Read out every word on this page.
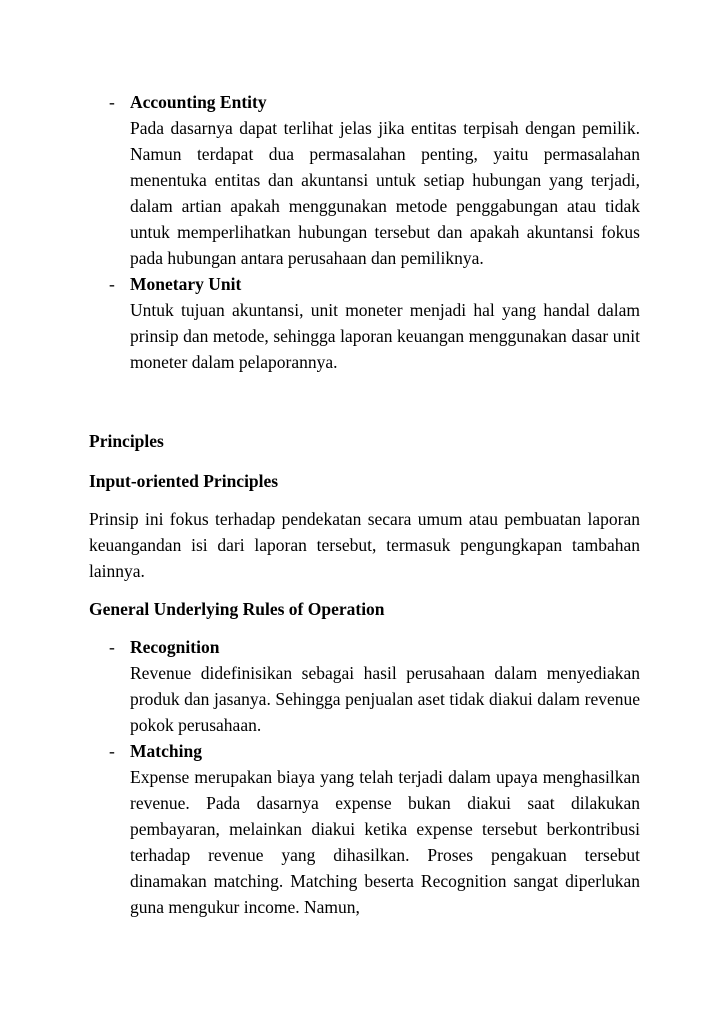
- Accounting Entity

Pada dasarnya dapat terlihat jelas jika entitas terpisah dengan pemilik. Namun terdapat dua permasalahan penting, yaitu permasalahan menentuka entitas dan akuntansi untuk setiap hubungan yang terjadi, dalam artian apakah menggunakan metode penggabungan atau tidak untuk memperlihatkan hubungan tersebut dan apakah akuntansi fokus pada hubungan antara perusahaan dan pemiliknya.

- Monetary Unit

Untuk tujuan akuntansi, unit moneter menjadi hal yang handal dalam prinsip dan metode, sehingga laporan keuangan menggunakan dasar unit moneter dalam pelaporannya.

Principles

Input-oriented Principles

Prinsip ini fokus terhadap pendekatan secara umum atau pembuatan laporan keuangandan isi dari laporan tersebut, termasuk pengungkapan tambahan lainnya.

General Underlying Rules of Operation

- Recognition

Revenue didefinisikan sebagai hasil perusahaan dalam menyediakan produk dan jasanya. Sehingga penjualan aset tidak diakui dalam revenue pokok perusahaan.

- Matching

Expense merupakan biaya yang telah terjadi dalam upaya menghasilkan revenue. Pada dasarnya expense bukan diakui saat dilakukan pembayaran, melainkan diakui ketika expense tersebut berkontribusi terhadap revenue yang dihasilkan. Proses pengakuan tersebut dinamakan matching. Matching beserta Recognition sangat diperlukan guna mengukur income. Namun,
